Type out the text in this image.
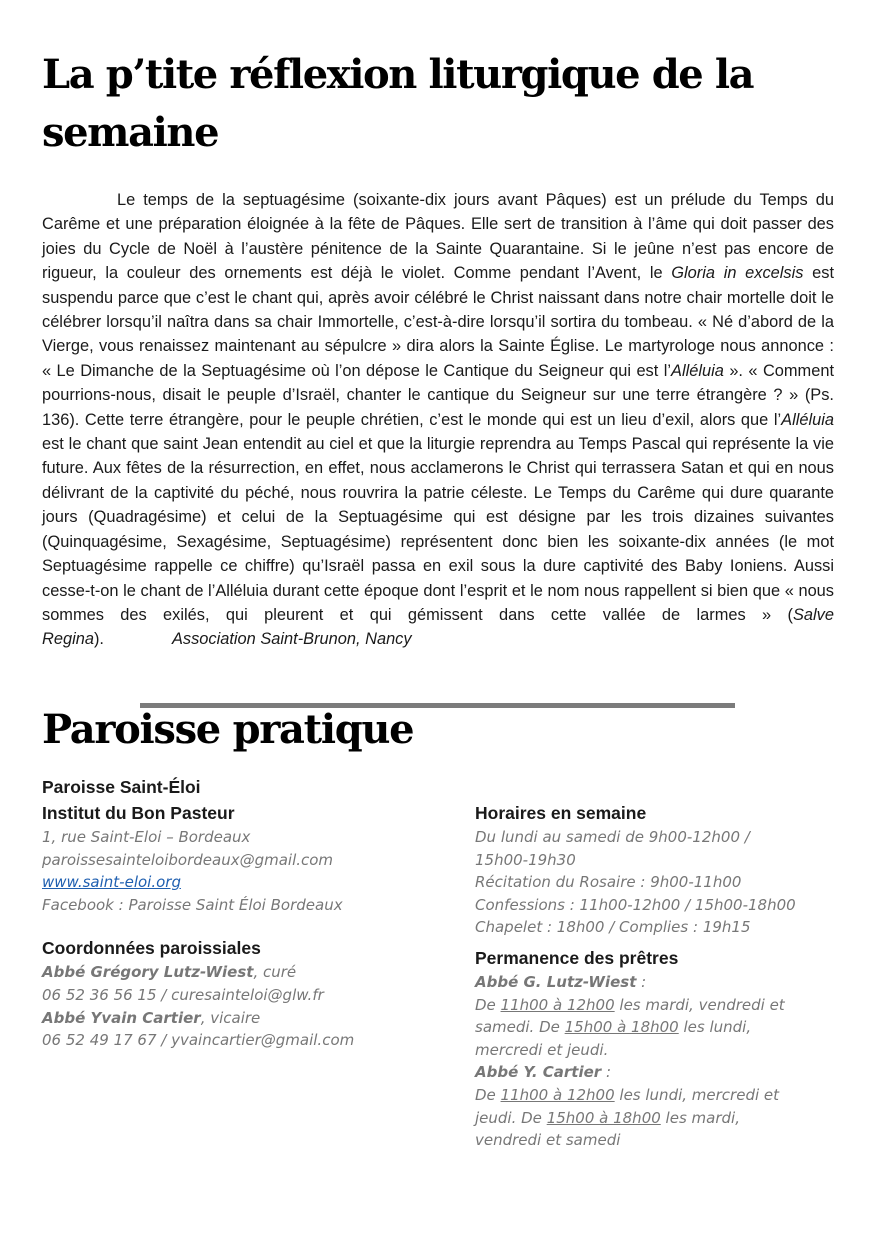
La p’tite réflexion liturgique de la semaine

Le temps de la septuagésime (soixante-dix jours avant Pâques) est un prélude du Temps du Carême et une préparation éloignée à la fête de Pâques. Elle sert de transition à l’âme qui doit passer des joies du Cycle de Noël à l’austère pénitence de la Sainte Quarantaine. Si le jeûne n’est pas encore de rigueur, la couleur des ornements est déjà le violet. Comme pendant l’Avent, le Gloria in excelsis est suspendu parce que c’est le chant qui, après avoir célébré le Christ naissant dans notre chair mortelle doit le célébrer lorsqu’il naîtra dans sa chair Immortelle, c’est-à-dire lorsqu’il sortira du tombeau. « Né d’abord de la Vierge, vous renaissez maintenant au sépulcre » dira alors la Sainte Église. Le martyrologe nous annonce : « Le Dimanche de la Septuagésime où l’on dépose le Cantique du Seigneur qui est l’Alléluia ». « Comment pourrions-nous, disait le peuple d’Israël, chanter le cantique du Seigneur sur une terre étrangère ? » (Ps. 136). Cette terre étrangère, pour le peuple chrétien, c’est le monde qui est un lieu d’exil, alors que l’Alléluia est le chant que saint Jean entendit au ciel et que la liturgie reprendra au Temps Pascal qui représente la vie future. Aux fêtes de la résurrection, en effet, nous acclamerons le Christ qui terrassera Satan et qui en nous délivrant de la captivité du péché, nous rouvrira la patrie céleste. Le Temps du Carême qui dure quarante jours (Quadragésime) et celui de la Septuagésime qui est désigne par les trois dizaines suivantes (Quinquagésime, Sexagésime, Septuagésime) représentent donc bien les soixante-dix années (le mot Septuagésime rappelle ce chiffre) qu’Israël passa en exil sous la dure captivité des Baby Ioniens. Aussi cesse-t-on le chant de l’Alléluia durant cette époque dont l’esprit et le nom nous rappellent si bien que « nous sommes des exilés, qui pleurent et qui gémissent dans cette vallée de larmes » (Salve Regina).	Association Saint-Brunon, Nancy

Paroisse pratique

Paroisse Saint-Éloi

Institut du Bon Pasteur

1, rue Saint-Eloi – Bordeaux

paroissesainteloibordeaux@gmail.com

www.saint-eloi.org

Facebook : Paroisse Saint Éloi Bordeaux

Coordonnées paroissiales

Abbé Grégory Lutz-Wiest, curé

06 52 36 56 15 / curesainteloi@glw.fr

Abbé Yvain Cartier, vicaire

06 52 49 17 67 / yvaincartier@gmail.com

Horaires en semaine

Du lundi au samedi de 9h00-12h00 / 15h00-19h30

Récitation du Rosaire : 9h00-11h00

Confessions : 11h00-12h00 / 15h00-18h00

Chapelet : 18h00 / Complies : 19h15

Permanence des prêtres

Abbé G. Lutz-Wiest :

De 11h00 à 12h00 les mardi, vendredi et samedi. De 15h00 à 18h00 les lundi, mercredi et jeudi.

Abbé Y. Cartier :

De 11h00 à 12h00 les lundi, mercredi et jeudi. De 15h00 à 18h00 les mardi, vendredi et samedi
